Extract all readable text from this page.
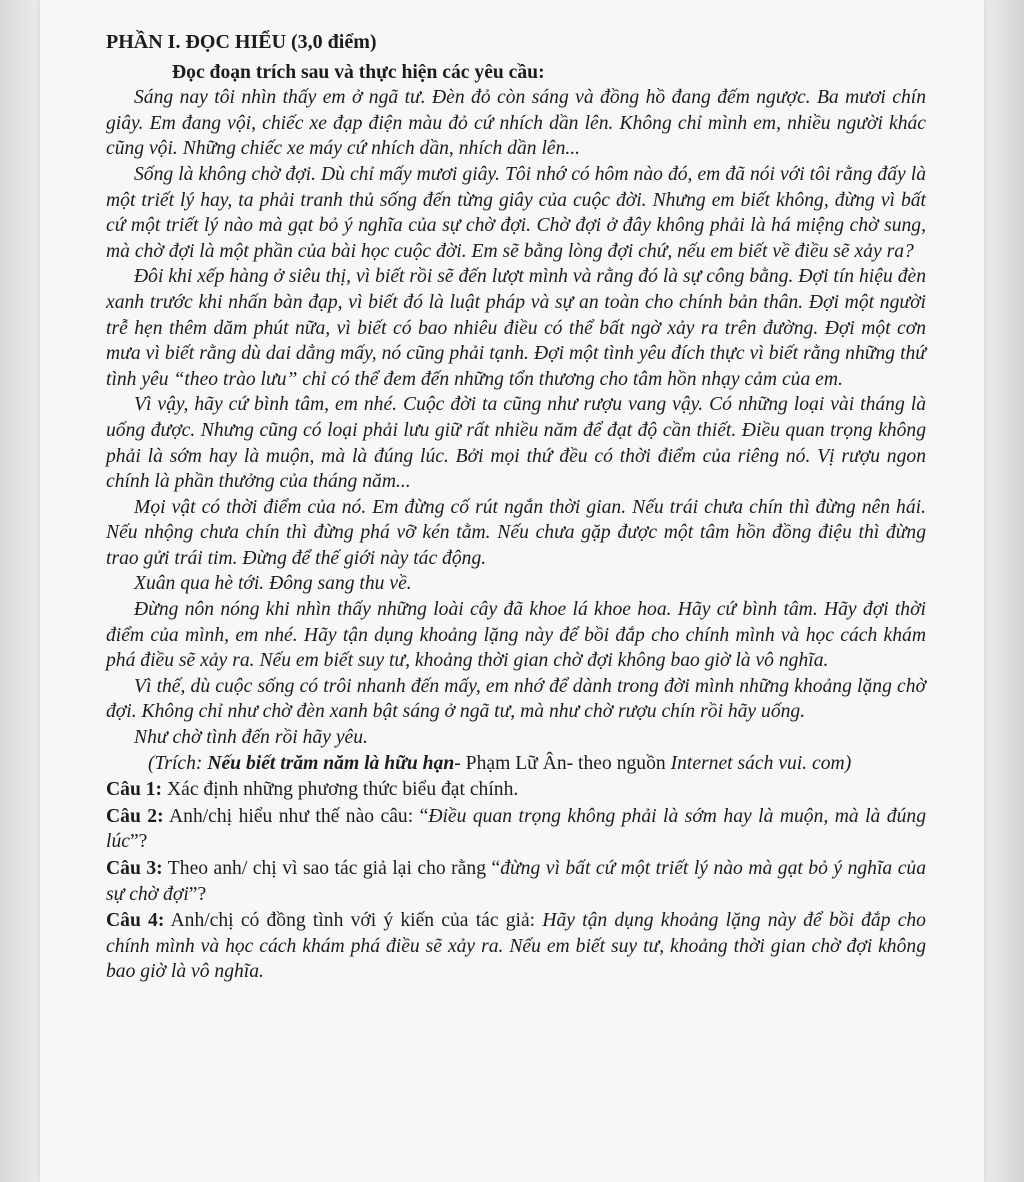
PHẦN I. ĐỌC HIỂU (3,0 điểm)

Đọc đoạn trích sau và thực hiện các yêu cầu:

Sáng nay tôi nhìn thấy em ở ngã tư. Đèn đỏ còn sáng và đồng hồ đang đếm ngược. Ba mươi chín giây. Em đang vội, chiếc xe đạp điện màu đỏ cứ nhích dần lên. Không chỉ mình em, nhiều người khác cũng vội. Những chiếc xe máy cứ nhích dần, nhích dần lên...

Sống là không chờ đợi. Dù chỉ mấy mươi giây. Tôi nhớ có hôm nào đó, em đã nói với tôi rằng đấy là một triết lý hay, ta phải tranh thủ sống đến từng giây của cuộc đời. Nhưng em biết không, đừng vì bất cứ một triết lý nào mà gạt bỏ ý nghĩa của sự chờ đợi. Chờ đợi ở đây không phải là há miệng chờ sung, mà chờ đợi là một phần của bài học cuộc đời. Em sẽ bằng lòng đợi chứ, nếu em biết về điều sẽ xảy ra?

Đôi khi xếp hàng ở siêu thị, vì biết rồi sẽ đến lượt mình và rằng đó là sự công bằng. Đợi tín hiệu đèn xanh trước khi nhấn bàn đạp, vì biết đó là luật pháp và sự an toàn cho chính bản thân. Đợi một người trễ hẹn thêm dăm phút nữa, vì biết có bao nhiêu điều có thể bất ngờ xảy ra trên đường. Đợi một cơn mưa vì biết rằng dù dai dẳng mấy, nó cũng phải tạnh. Đợi một tình yêu đích thực vì biết rằng những thứ tình yêu “theo trào lưu” chỉ có thể đem đến những tổn thương cho tâm hồn nhạy cảm của em.

Vì vậy, hãy cứ bình tâm, em nhé. Cuộc đời ta cũng như rượu vang vậy. Có những loại vài tháng là uống được. Nhưng cũng có loại phải lưu giữ rất nhiều năm để đạt độ cần thiết. Điều quan trọng không phải là sớm hay là muộn, mà là đúng lúc. Bởi mọi thứ đều có thời điểm của riêng nó. Vị rượu ngon chính là phần thưởng của tháng năm...

Mọi vật có thời điểm của nó. Em đừng cố rút ngắn thời gian. Nếu trái chưa chín thì đừng nên hái. Nếu nhộng chưa chín thì đừng phá vỡ kén tằm. Nếu chưa gặp được một tâm hồn đồng điệu thì đừng trao gửi trái tim. Đừng để thế giới này tác động.

Xuân qua hè tới. Đông sang thu về.

Đừng nôn nóng khi nhìn thấy những loài cây đã khoe lá khoe hoa. Hãy cứ bình tâm. Hãy đợi thời điểm của mình, em nhé. Hãy tận dụng khoảng lặng này để bồi đắp cho chính mình và học cách khám phá điều sẽ xảy ra. Nếu em biết suy tư, khoảng thời gian chờ đợi không bao giờ là vô nghĩa.

Vì thế, dù cuộc sống có trôi nhanh đến mấy, em nhớ để dành trong đời mình những khoảng lặng chờ đợi. Không chỉ như chờ đèn xanh bật sáng ở ngã tư, mà như chờ rượu chín rồi hãy uống.

Như chờ tình đến rồi hãy yêu.

(Trích: Nếu biết trăm năm là hữu hạn- Phạm Lữ Ân- theo nguồn Internet sách vui. com)

Câu 1: Xác định những phương thức biểu đạt chính.

Câu 2: Anh/chị hiểu như thế nào câu: “Điều quan trọng không phải là sớm hay là muộn, mà là đúng lúc”?

Câu 3: Theo anh/ chị vì sao tác giả lại cho rằng “đừng vì bất cứ một triết lý nào mà gạt bỏ ý nghĩa của sự chờ đợi”?

Câu 4: Anh/chị có đồng tình với ý kiến của tác giả: Hãy tận dụng khoảng lặng này để bồi đắp cho chính mình và học cách khám phá điều sẽ xảy ra. Nếu em biết suy tư, khoảng thời gian chờ đợi không bao giờ là vô nghĩa.
